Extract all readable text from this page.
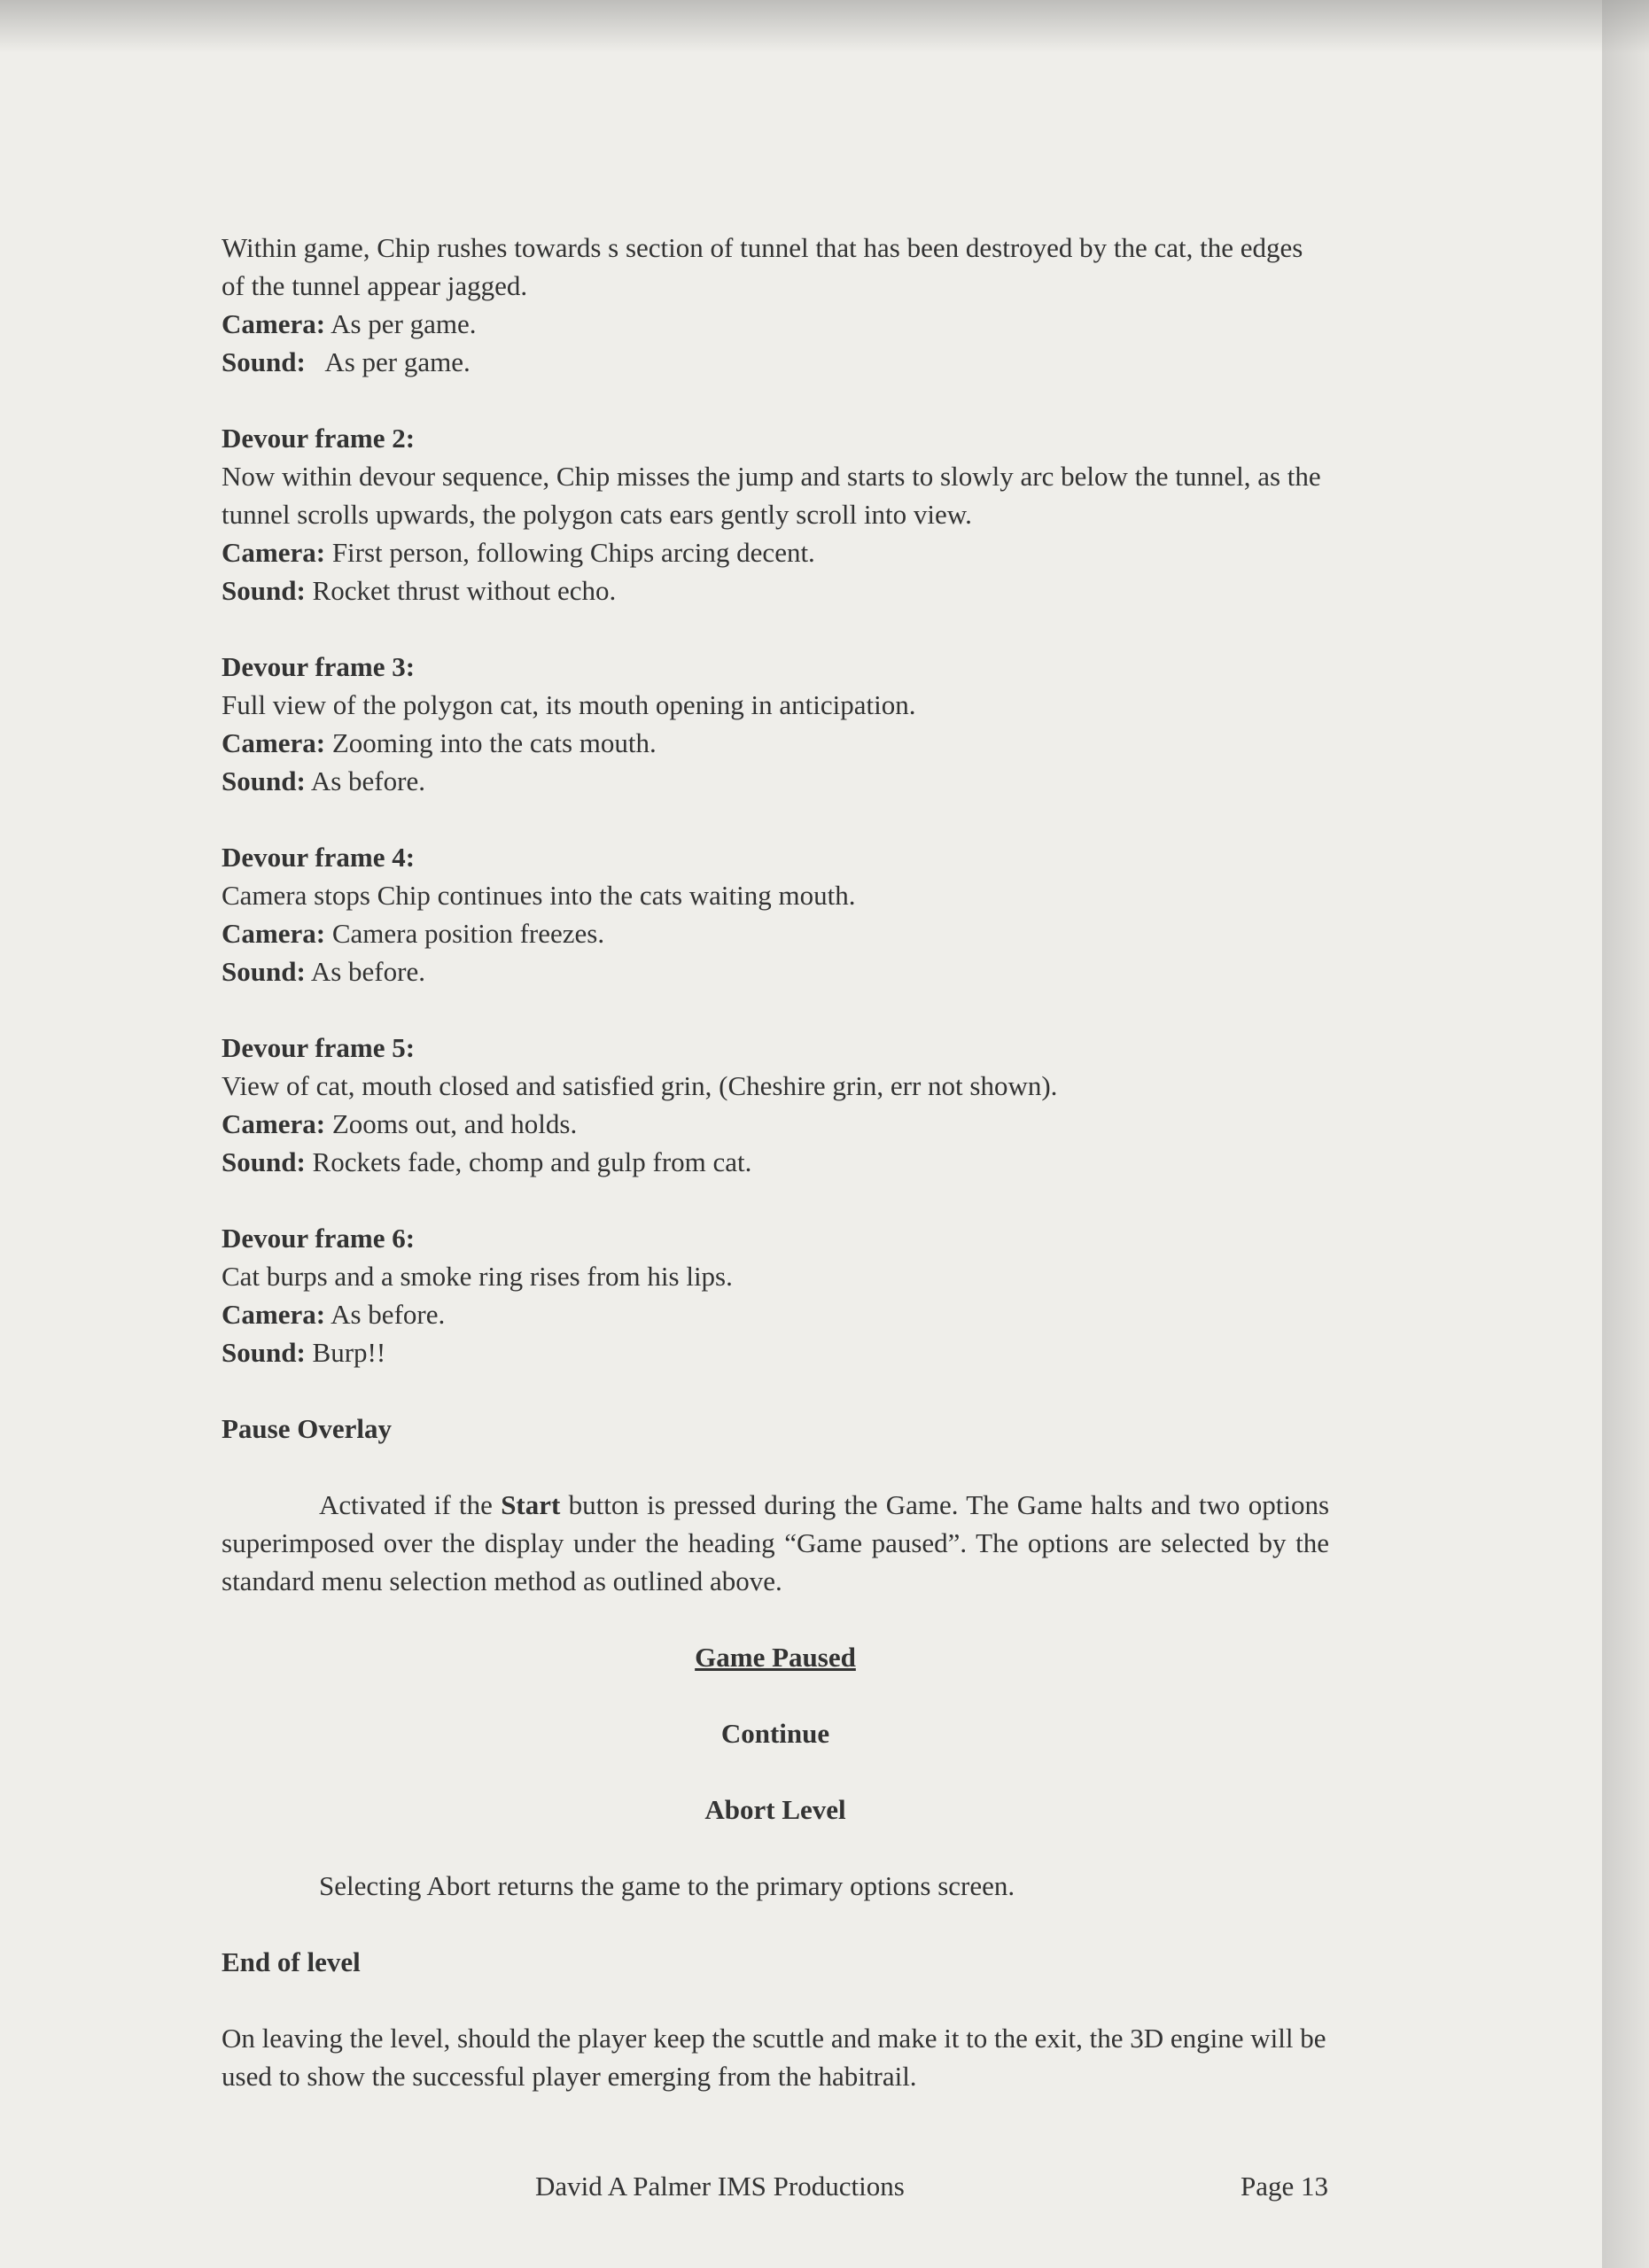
Within game, Chip rushes towards s section of tunnel that has been destroyed by the cat, the edges of the tunnel appear jagged.

Camera: As per game.

Sound: As per game.

Devour frame 2:

Now within devour sequence, Chip misses the jump and starts to slowly arc below the tunnel, as the tunnel scrolls upwards, the polygon cats ears gently scroll into view.

Camera: First person, following Chips arcing decent.

Sound: Rocket thrust without echo.

Devour frame 3:

Full view of the polygon cat, its mouth opening in anticipation.

Camera: Zooming into the cats mouth.

Sound: As before.

Devour frame 4:

Camera stops Chip continues into the cats waiting mouth.

Camera: Camera position freezes.

Sound: As before.

Devour frame 5:

View of cat, mouth closed and satisfied grin, (Cheshire grin, err not shown).

Camera: Zooms out, and holds.

Sound: Rockets fade, chomp and gulp from cat.

Devour frame 6:

Cat burps and a smoke ring rises from his lips.

Camera: As before.

Sound: Burp!!

Pause Overlay

Activated if the Start button is pressed during the Game. The Game halts and two options superimposed over the display under the heading “Game paused”. The options are selected by the standard menu selection method as outlined above.

Game Paused

Continue

Abort Level

Selecting Abort returns the game to the primary options screen.

End of level

On leaving the level, should the player keep the scuttle and make it to the exit, the 3D engine will be used to show the successful player emerging from the habitrail.

David A Palmer IMS Productions	Page 13
